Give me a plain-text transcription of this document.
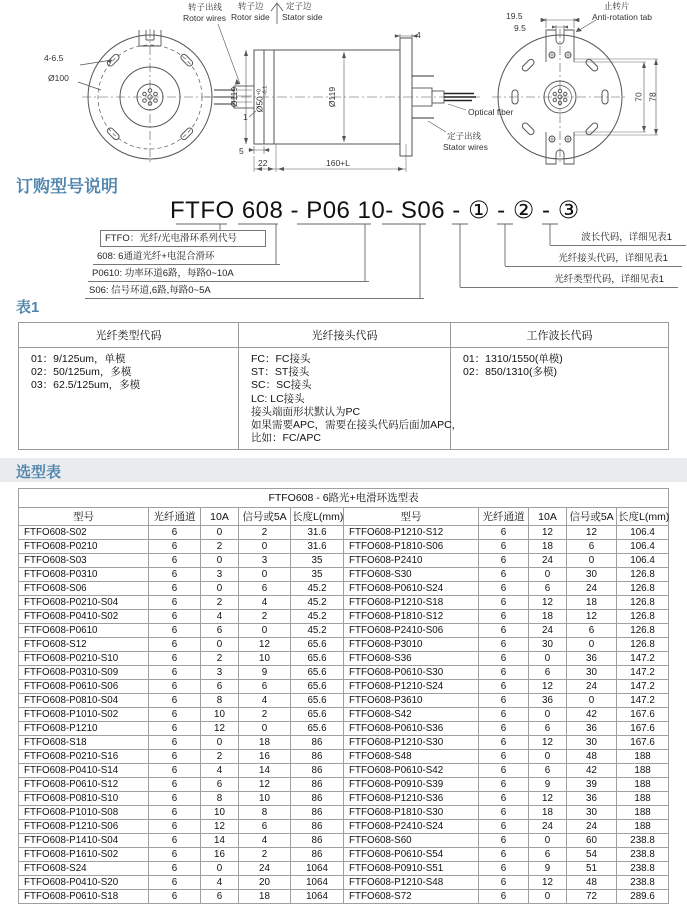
4-6.5
Ø100
转子出线
Rotor wires
转子边
Rotor side
定子边
Stator side
Ø119 Ø50
+0 -0.1	Ø119
1
5
22	160+L
4
Optical fiber
定子出线
Stator wires
19.5
9.5
止转片
Anti-rotation tab
70 78
订购型号说明
FTFO 608 - P06 10- S06 - ① - ② - ③
FTFO：光纤/光电滑环系列代号
608: 6通道光纤+电混合滑环
P0610: 功率环道6路，每路0~10A
S06: 信号环道,6路,每路0~5A
波长代码，详细见表1
光纤接头代码，详细见表1
光纤类型代码，详细见表1
表1
光纤类型代码	光纤接头代码	工作波长代码

01：9/125um，单模
02：50/125um，多模
03：62.5/125um，多模

FC：FC接头
ST：ST接头
SC：SC接头
LC: LC接头
接头端面形状默认为PC
如果需要APC，需要在接头代码后面加APC，
比如：FC/APC

01：1310/1550(单模)
02：850/1310(多模)
选型表
FTFO608 - 6路光+电滑环选型表									
型号	光纤通道	10A	信号或5A	长度L(mm)	型号	光纤通道	10A	信号或5A	长度L(mm)
FTFO608-S02	6	0	2	31.6	FTFO608-P1210-S12	6	12	12	106.4
FTFO608-P0210	6	2	0	31.6	FTFO608-P1810-S06	6	18	6	106.4
FTFO608-S03	6	0	3	35	FTFO608-P2410	6	24	0	106.4
FTFO608-P0310	6	3	0	35	FTFO608-S30	6	0	30	126.8
FTFO608-S06	6	0	6	45.2	FTFO608-P0610-S24	6	6	24	126.8
FTFO608-P0210-S04	6	2	4	45.2	FTFO608-P1210-S18	6	12	18	126.8
FTFO608-P0410-S02	6	4	2	45.2	FTFO608-P1810-S12	6	18	12	126.8
FTFO608-P0610	6	6	0	45.2	FTFO608-P2410-S06	6	24	6	126.8
FTFO608-S12	6	0	12	65.6	FTFO608-P3010	6	30	0	126.8
FTFO608-P0210-S10	6	2	10	65.6	FTFO608-S36	6	0	36	147.2
FTFO608-P0310-S09	6	3	9	65.6	FTFO608-P0610-S30	6	6	30	147.2
FTFO608-P0610-S06	6	6	6	65.6	FTFO608-P1210-S24	6	12	24	147.2
FTFO608-P0810-S04	6	8	4	65.6	FTFO608-P3610	6	36	0	147.2
FTFO608-P1010-S02	6	10	2	65.6	FTFO608-S42	6	0	42	167.6
FTFO608-P1210	6	12	0	65.6	FTFO608-P0610-S36	6	6	36	167.6
FTFO608-S18	6	0	18	86	FTFO608-P1210-S30	6	12	30	167.6
FTFO608-P0210-S16	6	2	16	86	FTFO608-S48	6	0	48	188
FTFO608-P0410-S14	6	4	14	86	FTFO608-P0610-S42	6	6	42	188
FTFO608-P0610-S12	6	6	12	86	FTFO608-P0910-S39	6	9	39	188
FTFO608-P0810-S10	6	8	10	86	FTFO608-P1210-S36	6	12	36	188
FTFO608-P1010-S08	6	10	8	86	FTFO608-P1810-S30	6	18	30	188
FTFO608-P1210-S06	6	12	6	86	FTFO608-P2410-S24	6	24	24	188
FTFO608-P1410-S04	6	14	4	86	FTFO608-S60	6	0	60	238.8
FTFO608-P1610-S02	6	16	2	86	FTFO608-P0610-S54	6	6	54	238.8
FTFO608-S24	6	0	24	1064	FTFO608-P0910-S51	6	9	51	238.8
FTFO608-P0410-S20	6	4	20	1064	FTFO608-P1210-S48	6	12	48	238.8
FTFO608-P0610-S18	6	6	18	1064	FTFO608-S72	6	0	72	289.6
